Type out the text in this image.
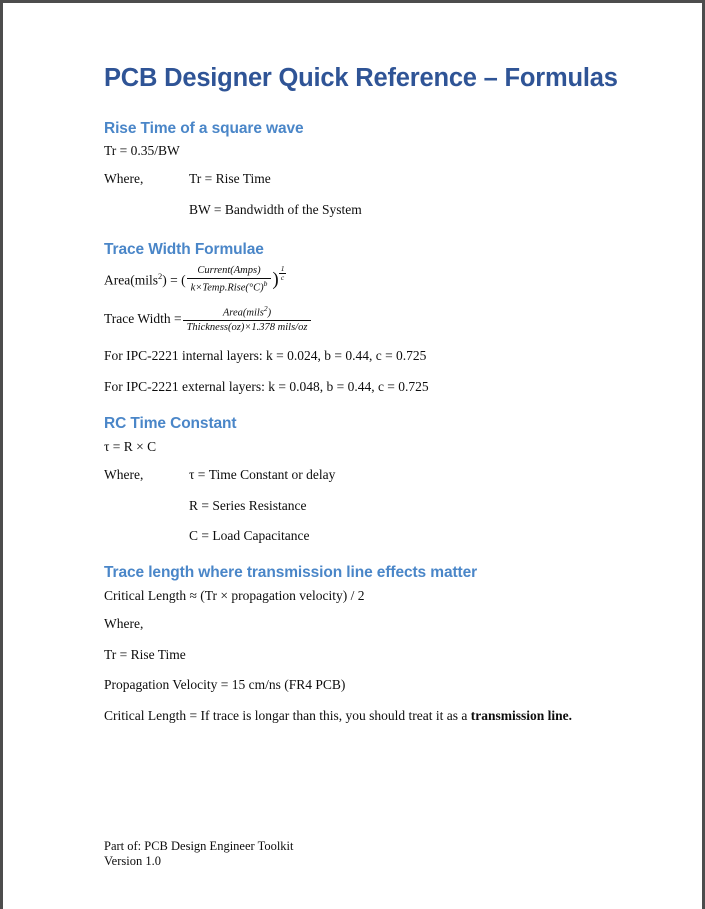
PCB Designer Quick Reference – Formulas
Rise Time of a square wave

Tr = 0.35/BW

Where,	Tr = Rise Time
BW = Bandwidth of the System
Trace Width Formulae
Area(mils$^2$) = ( $\frac{\text{Current(Amps)}}{k\times Temp.Rise(^\circ C)^b}$ ) $\frac{1}{c}$
Trace Width = $\frac{Area(mils^2)}{\text{Thickness(oz)×1.378 mils/oz}}$

For IPC-2221 internal layers: k = 0.024, b = 0.44, c = 0.725

For IPC-2221 external layers: k = 0.048, b = 0.44, c = 0.725

RC Time Constant

τ = R × C

Where,	τ = Time Constant or delay
R = Series Resistance
C = Load Capacitance
Trace length where transmission line effects matter

Critical Length ≈ (Tr × propagation velocity) / 2

Where,

Tr = Rise Time

Propagation Velocity = 15 cm/ns (FR4 PCB)

Critical Length = If trace is longar than this, you should treat it as a transmission line.

Part of: PCB Design Engineer Toolkit
Version 1.0
